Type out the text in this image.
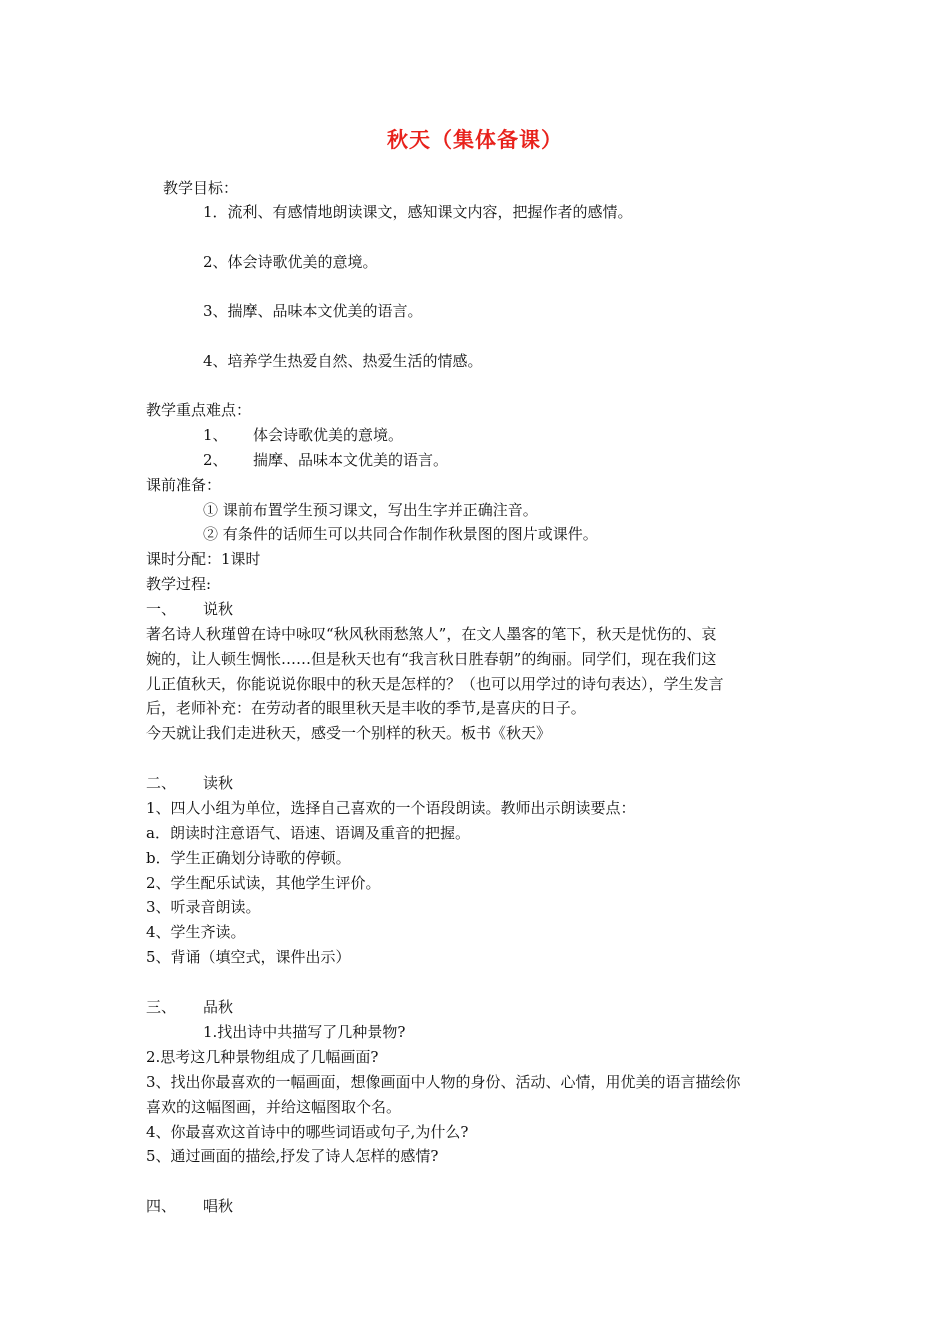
秋天（集体备课）
教学目标：
1．流利、有感情地朗读课文，感知课文内容，把握作者的感情。
2、体会诗歌优美的意境。
3、揣摩、品味本文优美的语言。
4、培养学生热爱自然、热爱生活的情感。
教学重点难点：
1、 体会诗歌优美的意境。
2、 揣摩、品味本文优美的语言。
课前准备：
① 课前布置学生预习课文，写出生字并正确注音。
② 有条件的话师生可以共同合作制作秋景图的图片或课件。
课时分配：1课时
教学过程:
一、 说秋
著名诗人秋瑾曾在诗中咏叹“秋风秋雨愁煞人”，在文人墨客的笔下，秋天是忧伤的、哀
婉的，让人顿生惆怅……但是秋天也有“我言秋日胜春朝”的绚丽。同学们，现在我们这
儿正值秋天，你能说说你眼中的秋天是怎样的？（也可以用学过的诗句表达），学生发言
后，老师补充：在劳动者的眼里秋天是丰收的季节,是喜庆的日子。
今天就让我们走进秋天，感受一个别样的秋天。板书《秋天》
二、 读秋
1、四人小组为单位，选择自己喜欢的一个语段朗读。教师出示朗读要点：
a．朗读时注意语气、语速、语调及重音的把握。
b．学生正确划分诗歌的停顿。
2、学生配乐试读，其他学生评价。
3、听录音朗读。
4、学生齐读。
5、背诵（填空式，课件出示）
三、 品秋
1.找出诗中共描写了几种景物?
2.思考这几种景物组成了几幅画面?
3、找出你最喜欢的一幅画面，想像画面中人物的身份、活动、心情，用优美的语言描绘你
喜欢的这幅图画，并给这幅图取个名。
4、你最喜欢这首诗中的哪些词语或句子,为什么?
5、通过画面的描绘,抒发了诗人怎样的感情?
四、 唱秋
